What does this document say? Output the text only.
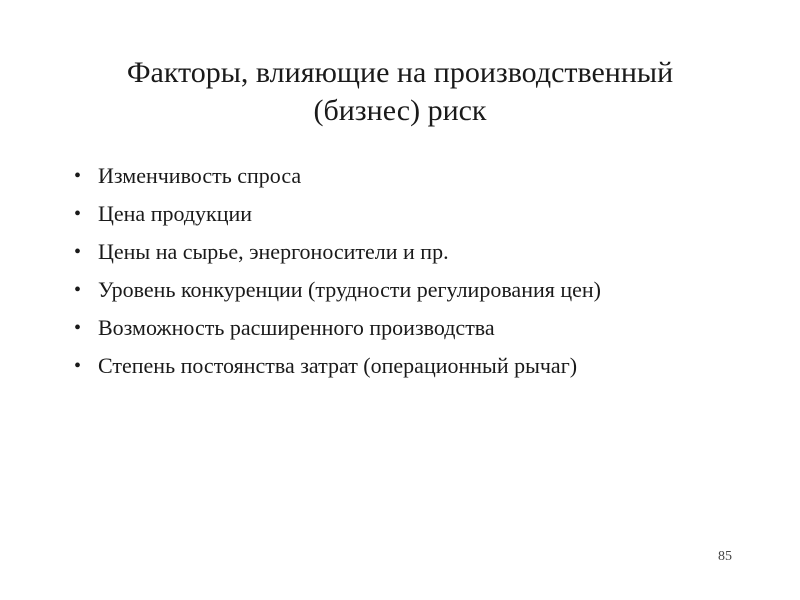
Факторы, влияющие на производственный
(бизнес) риск
• Изменчивость спроса
• Цена продукции
• Цены на сырье, энергоносители и пр.
• Уровень конкуренции (трудности регулирования цен)
• Возможность расширенного производства
• Степень постоянства затрат (операционный рычаг)
85
